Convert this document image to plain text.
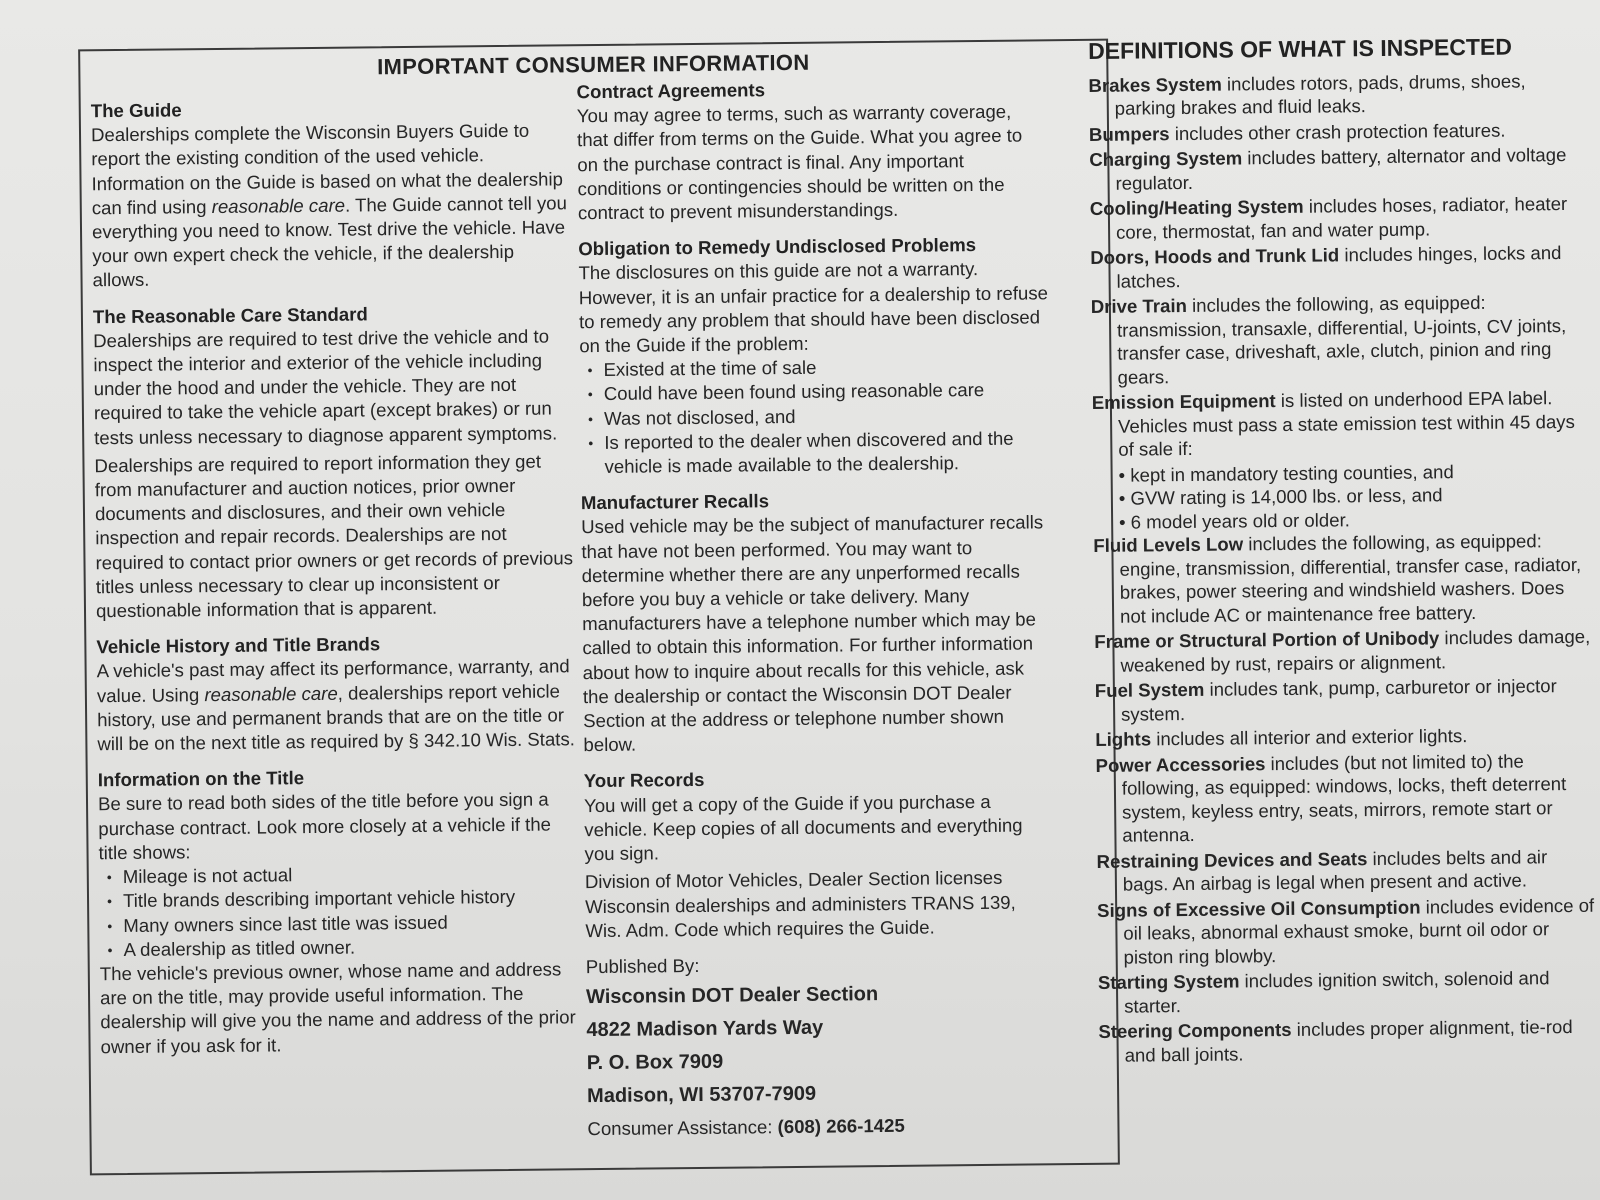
IMPORTANT CONSUMER INFORMATION

The Guide

Dealerships complete the Wisconsin Buyers Guide to report the existing condition of the used vehicle. Information on the Guide is based on what the dealership can find using reasonable care. The Guide cannot tell you everything you need to know. Test drive the vehicle. Have your own expert check the vehicle, if the dealership allows.

The Reasonable Care Standard

Dealerships are required to test drive the vehicle and to inspect the interior and exterior of the vehicle including under the hood and under the vehicle. They are not required to take the vehicle apart (except brakes) or run tests unless necessary to diagnose apparent symptoms.

Dealerships are required to report information they get from manufacturer and auction notices, prior owner documents and disclosures, and their own vehicle inspection and repair records. Dealerships are not required to contact prior owners or get records of previous titles unless necessary to clear up inconsistent or questionable information that is apparent.

Vehicle History and Title Brands

A vehicle's past may affect its performance, warranty, and value. Using reasonable care, dealerships report vehicle history, use and permanent brands that are on the title or will be on the next title as required by § 342.10 Wis. Stats.

Information on the Title

Be sure to read both sides of the title before you sign a purchase contract. Look more closely at a vehicle if the title shows:

• Mileage is not actual
• Title brands describing important vehicle history
• Many owners since last title was issued
• A dealership as titled owner.

The vehicle's previous owner, whose name and address are on the title, may provide useful information. The dealership will give you the name and address of the prior owner if you ask for it.

Contract Agreements

You may agree to terms, such as warranty coverage, that differ from terms on the Guide. What you agree to on the purchase contract is final. Any important conditions or contingencies should be written on the contract to prevent misunderstandings.

Obligation to Remedy Undisclosed Problems

The disclosures on this guide are not a warranty. However, it is an unfair practice for a dealership to refuse to remedy any problem that should have been disclosed on the Guide if the problem:

• Existed at the time of sale
• Could have been found using reasonable care
• Was not disclosed, and
• Is reported to the dealer when discovered and the vehicle is made available to the dealership.

Manufacturer Recalls

Used vehicle may be the subject of manufacturer recalls that have not been performed. You may want to determine whether there are any unperformed recalls before you buy a vehicle or take delivery. Many manufacturers have a telephone number which may be called to obtain this information. For further information about how to inquire about recalls for this vehicle, ask the dealership or contact the Wisconsin DOT Dealer Section at the address or telephone number shown below.

Your Records

You will get a copy of the Guide if you purchase a vehicle. Keep copies of all documents and everything you sign.

Division of Motor Vehicles, Dealer Section licenses Wisconsin dealerships and administers TRANS 139, Wis. Adm. Code which requires the Guide.

Published By:

Wisconsin DOT Dealer Section
4822 Madison Yards Way
P. O. Box 7909
Madison, WI 53707-7909

Consumer Assistance: (608) 266-1425

DEFINITIONS OF WHAT IS INSPECTED

Brakes System includes rotors, pads, drums, shoes, parking brakes and fluid leaks.

Bumpers includes other crash protection features.

Charging System includes battery, alternator and voltage regulator.

Cooling/Heating System includes hoses, radiator, heater core, thermostat, fan and water pump.

Doors, Hoods and Trunk Lid includes hinges, locks and latches.

Drive Train includes the following, as equipped: transmission, transaxle, differential, U-joints, CV joints, transfer case, driveshaft, axle, clutch, pinion and ring gears.

Emission Equipment is listed on underhood EPA label. Vehicles must pass a state emission test within 45 days of sale if:

• kept in mandatory testing counties, and
• GVW rating is 14,000 lbs. or less, and
• 6 model years old or older.

Fluid Levels Low includes the following, as equipped: engine, transmission, differential, transfer case, radiator, brakes, power steering and windshield washers. Does not include AC or maintenance free battery.

Frame or Structural Portion of Unibody includes damage, weakened by rust, repairs or alignment.

Fuel System includes tank, pump, carburetor or injector system.

Lights includes all interior and exterior lights.

Power Accessories includes (but not limited to) the following, as equipped: windows, locks, theft deterrent system, keyless entry, seats, mirrors, remote start or antenna.

Restraining Devices and Seats includes belts and air bags. An airbag is legal when present and active.

Signs of Excessive Oil Consumption includes evidence of oil leaks, abnormal exhaust smoke, burnt oil odor or piston ring blowby.

Starting System includes ignition switch, solenoid and starter.

Steering Components includes proper alignment, tie-rod and ball joints.
